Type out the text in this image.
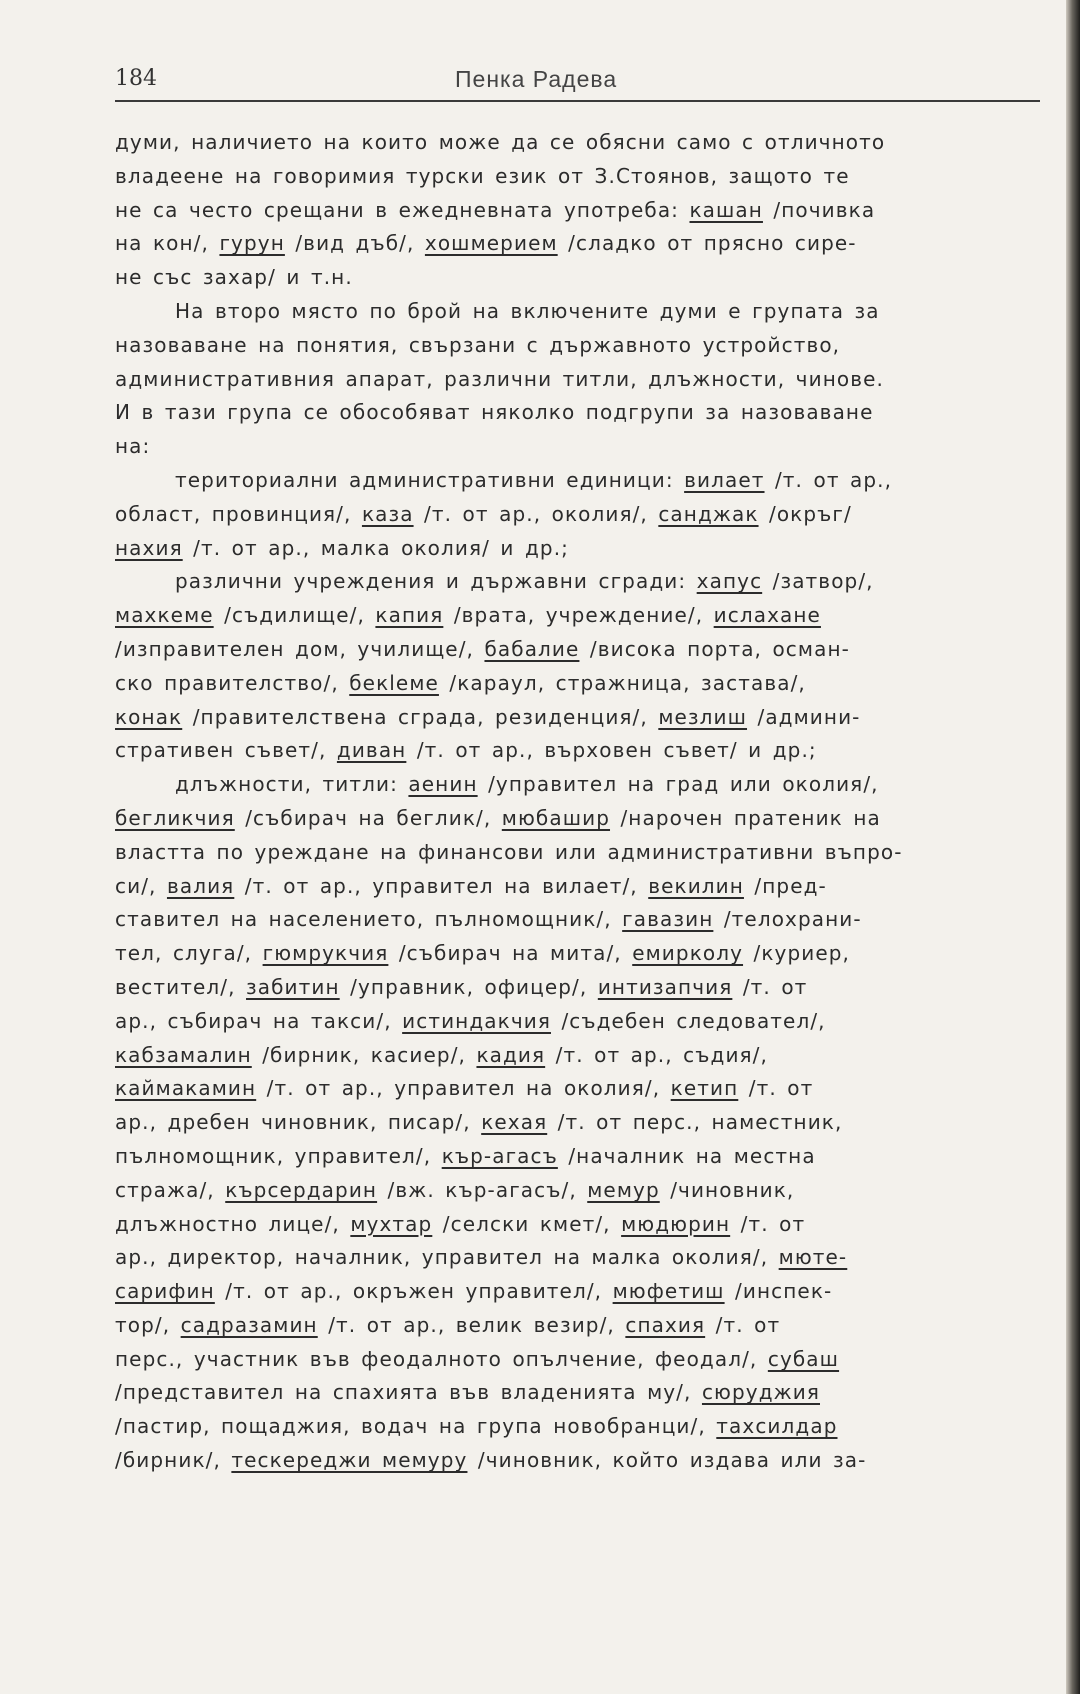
184	Пенка Радева
думи, наличието на които може да се обясни само с отличното
владеене на говоримия турски език от З.Стоянов, защото те
не са често срещани в ежедневната употреба: кашан /почивка
на кон/, гурун /вид дъб/, хошмерием /сладко от прясно сире-
не със захар/ и т.н.
На второ място по брой на включените думи е групата за
назоваване на понятия, свързани с държавното устройство,
административния апарат, различни титли, длъжности, чинове.
И в тази група се обособяват няколко подгрупи за назоваване
на:
териториални административни единици: вилает /т. от ар.,
област, провинция/, каза /т. от ар., околия/, санджак /окръг/
нахия /т. от ар., малка околия/ и др.;
различни учреждения и държавни сгради: хапус /затвор/,
махкеме /съдилище/, капия /врата, учреждение/, ислахане
/изправителен дом, училище/, бабалие /висока порта, осман-
ско правителство/, бекleме /караул, стражница, застава/,
конак /правителствена сграда, резиденция/, мезлиш /админи-
стративен съвет/, диван /т. от ар., върховен съвет/ и др.;
длъжности, титли: аенин /управител на град или околия/,
бегликчия /събирач на беглик/, мюбашир /нарочен пратеник на
властта по уреждане на финансови или административни въпро-
си/, валия /т. от ар., управител на вилает/, векилин /пред-
ставител на населението, пълномощник/, гавазин /телохрани-
тел, слуга/, гюмрукчия /събирач на мита/, емирколу /куриер,
вестител/, забитин /управник, офицер/, интизапчия /т. от
ар., събирач на такси/, истиндакчия /съдебен следовател/,
кабзамалин /бирник, касиер/, кадия /т. от ар., съдия/,
каймакамин /т. от ар., управител на околия/, кетип /т. от
ар., дребен чиновник, писар/, кехая /т. от перс., наместник,
пълномощник, управител/, кър-агасъ /началник на местна
стража/, кърсердарин /вж. кър-агасъ/, мемур /чиновник,
длъжностно лице/, мухтар /селски кмет/, мюдюрин /т. от
ар., директор, началник, управител на малка околия/, мюте-
сарифин /т. от ар., окръжен управител/, мюфетиш /инспек-
тор/, садразамин /т. от ар., велик везир/, спахия /т. от
перс., участник във феодалното опълчение, феодал/, субаш
/представител на спахията във владенията му/, сюруджия
/пастир, пощаджия, водач на група новобранци/, тахсилдар
/бирник/, тескереджи мемуру /чиновник, който издава или за-
